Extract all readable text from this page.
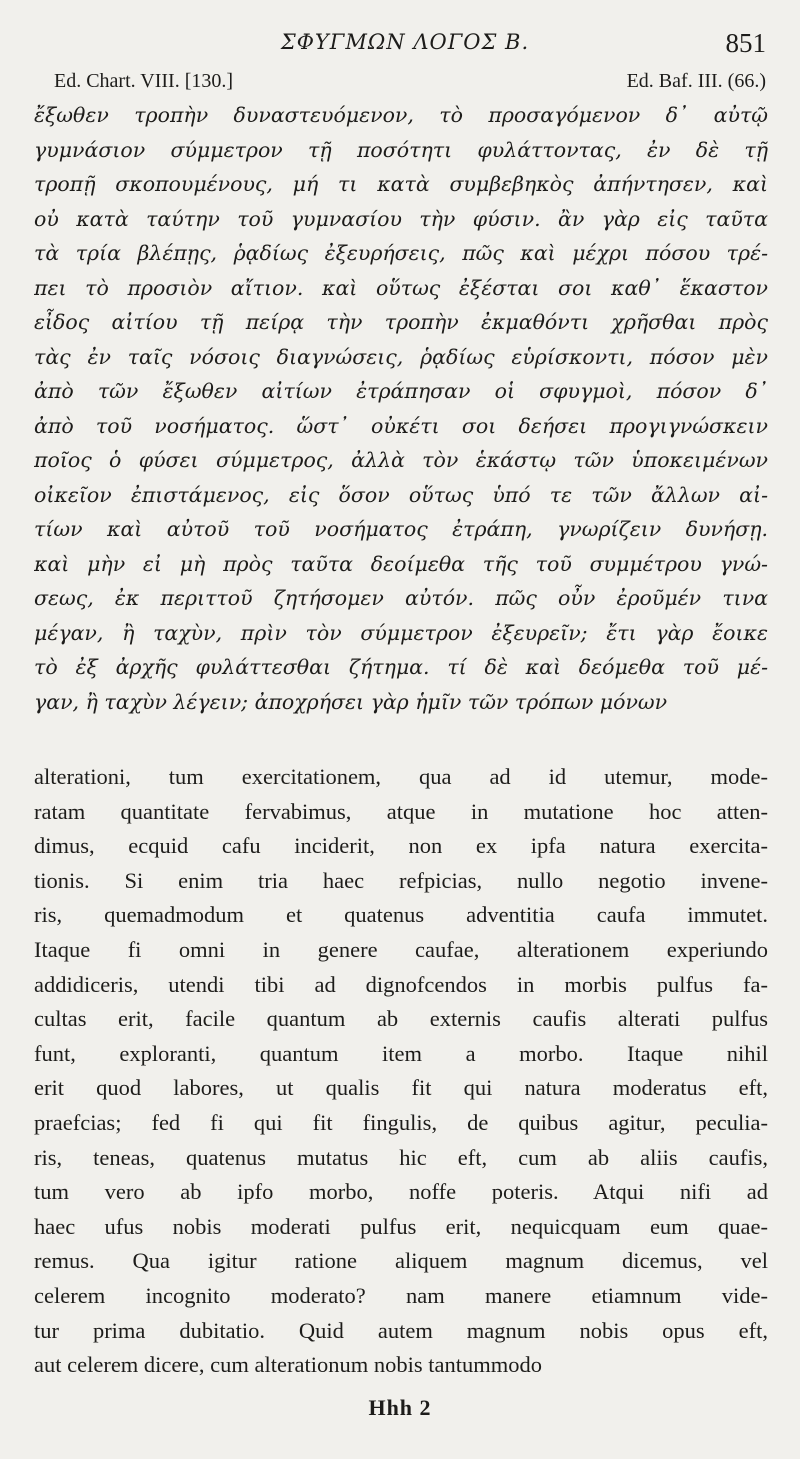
ΣΦΥΓΜΩΝ ΛΟΓΟΣ Β.	851
Ed. Chart. VIII. [130.]	Ed. Baf. III. (66.)
ἔξωθεν τροπὴν δυναστευόμενον, τὸ προσαγόμενον δ᾽ αὐτῷ
γυμνάσιον σύμμετρον τῇ ποσότητι φυλάττοντας, ἐν δὲ τῇ
τροπῇ σκοπουμένους, μή τι κατὰ συμβεβηκὸς ἀπήντησεν, καὶ
οὐ κατὰ ταύτην τοῦ γυμνασίου τὴν φύσιν. ἂν γὰρ εἰς ταῦτα
τὰ τρία βλέπῃς, ῥᾳδίως ἐξευρήσεις, πῶς καὶ μέχρι πόσου τρέ-
πει τὸ προσιὸν αἴτιον. καὶ οὕτως ἐξέσται σοι καθ᾽ ἕκαστον
εἶδος αἰτίου τῇ πείρᾳ τὴν τροπὴν ἐκμαθόντι χρῆσθαι πρὸς
τὰς ἐν ταῖς νόσοις διαγνώσεις, ῥᾳδίως εὑρίσκοντι, πόσον μὲν
ἀπὸ τῶν ἔξωθεν αἰτίων ἐτράπησαν οἱ σφυγμοὶ, πόσον δ᾽
ἀπὸ τοῦ νοσήματος. ὥστ᾽ οὐκέτι σοι δεήσει προγιγνώσκειν
ποῖος ὁ φύσει σύμμετρος, ἀλλὰ τὸν ἑκάστῳ τῶν ὑποκειμένων
οἰκεῖον ἐπιστάμενος, εἰς ὅσον οὕτως ὑπό τε τῶν ἄλλων αἰ-
τίων καὶ αὐτοῦ τοῦ νοσήματος ἐτράπη, γνωρίζειν δυνήσῃ.
καὶ μὴν εἰ μὴ πρὸς ταῦτα δεοίμεθα τῆς τοῦ συμμέτρου γνώ-
σεως, ἐκ περιττοῦ ζητήσομεν αὐτόν. πῶς οὖν ἐροῦμέν τινα
μέγαν, ἢ ταχὺν, πρὶν τὸν σύμμετρον ἐξευρεῖν; ἔτι γὰρ ἔοικε
τὸ ἐξ ἀρχῆς φυλάττεσθαι ζήτημα. τί δὲ καὶ δεόμεθα τοῦ μέ-
γαν, ἢ ταχὺν λέγειν; ἀποχρήσει γὰρ ἡμῖν τῶν τρόπων μόνων
alterationi, tum exercitationem, qua ad id utemur, mode-
ratam quantitate fervabimus, atque in mutatione hoc atten-
dimus, ecquid cafu inciderit, non ex ipfa natura exercita-
tionis. Si enim tria haec refpicias, nullo negotio invene-
ris, quemadmodum et quatenus adventitia caufa immutet.
Itaque fi omni in genere caufae, alterationem experiundo
addidiceris, utendi tibi ad dignofcendos in morbis pulfus fa-
cultas erit, facile quantum ab externis caufis alterati pulfus
funt, exploranti, quantum item a morbo. Itaque nihil
erit quod labores, ut qualis fit qui natura moderatus eft,
praefcias; fed fi qui fit fingulis, de quibus agitur, peculia-
ris, teneas, quatenus mutatus hic eft, cum ab aliis caufis,
tum vero ab ipfo morbo, noffe poteris. Atqui nifi ad
haec ufus nobis moderati pulfus erit, nequicquam eum quae-
remus. Qua igitur ratione aliquem magnum dicemus, vel
celerem incognito moderato? nam manere etiamnum vide-
tur prima dubitatio. Quid autem magnum nobis opus eft,
aut celerem dicere, cum alterationum nobis tantummodo
Hhh 2
